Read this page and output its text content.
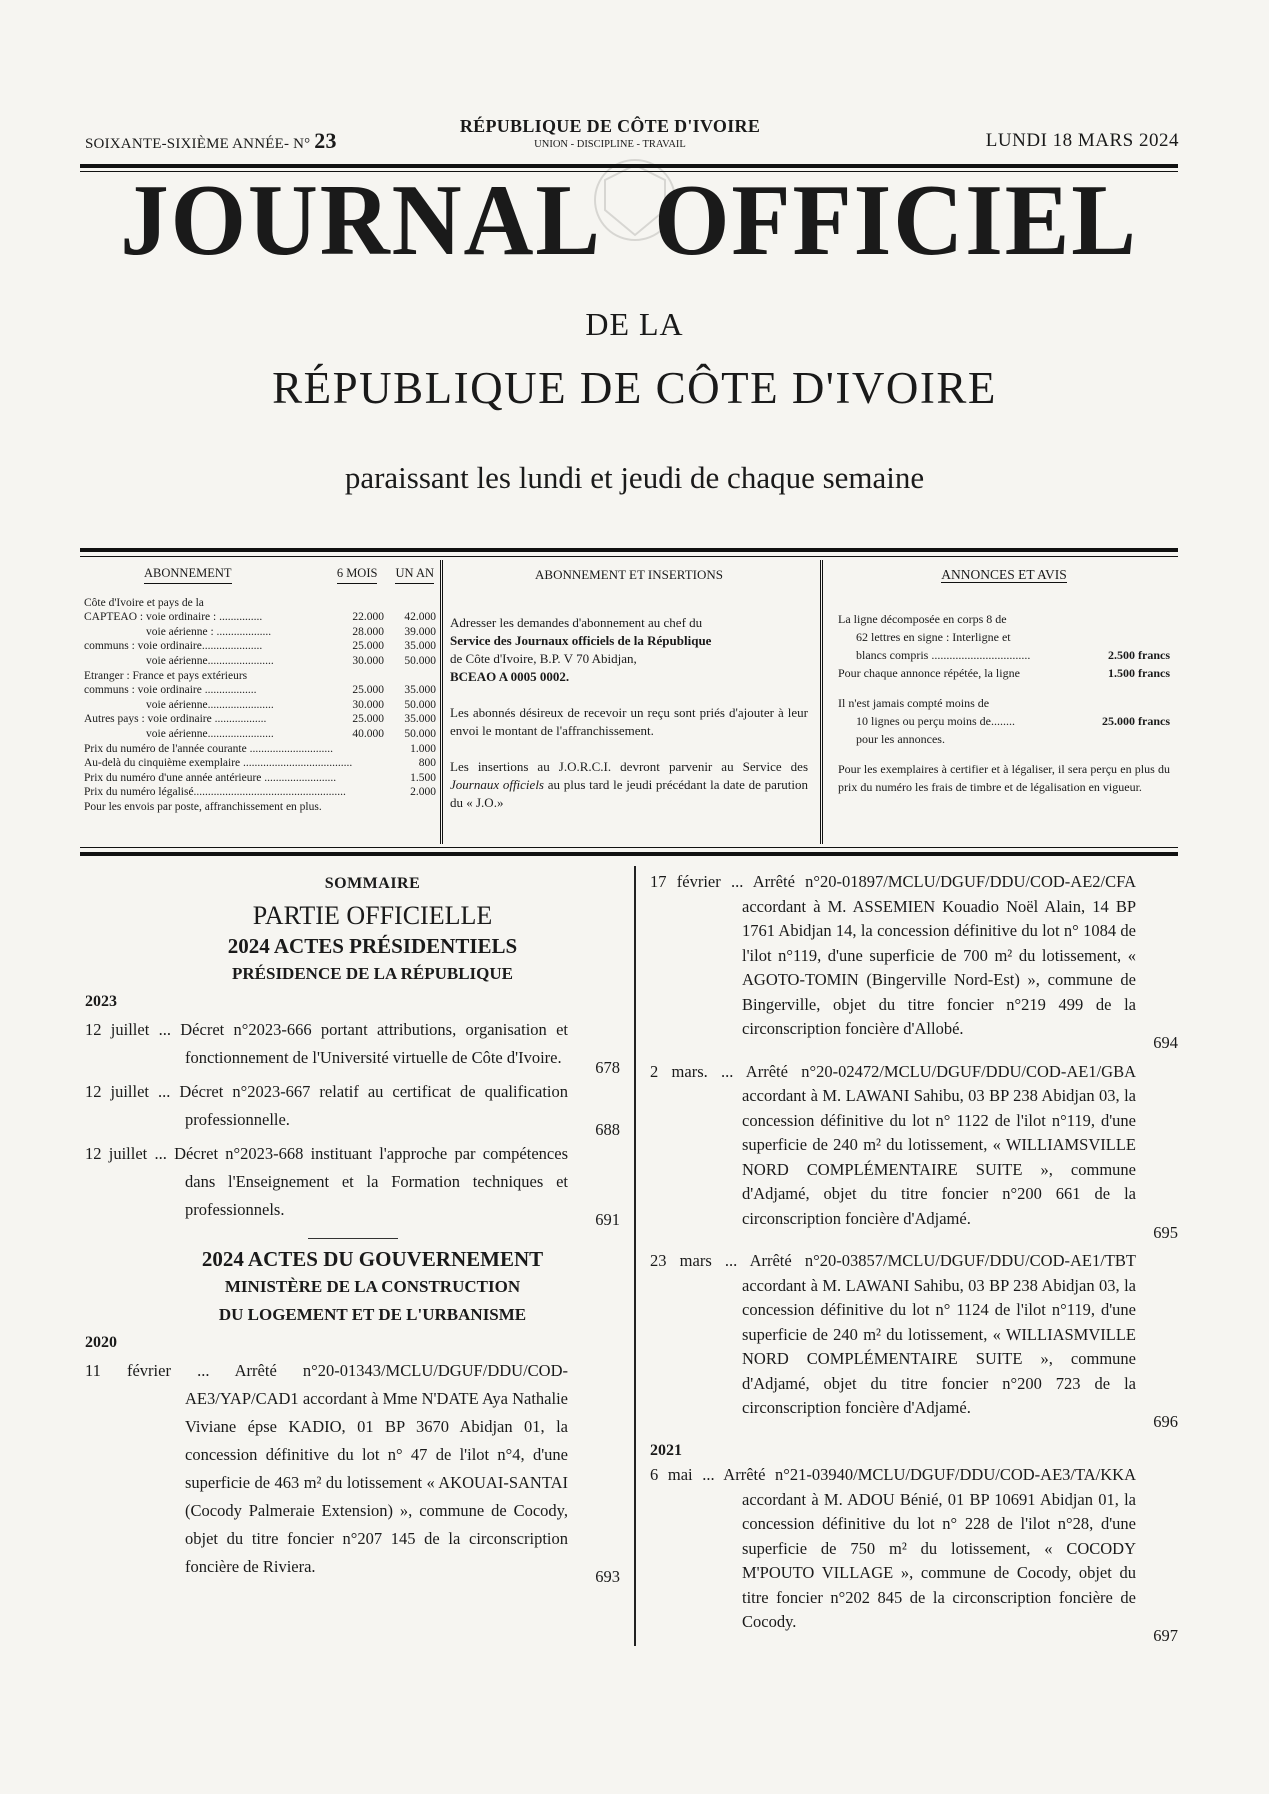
SOIXANTE-SIXIÈME ANNÉE- N° 23
RÉPUBLIQUE DE CÔTE D'IVOIRE
UNION - DISCIPLINE - TRAVAIL	LUNDI 18 MARS 2024
JOURNAL OFFICIEL
DE LA
RÉPUBLIQUE DE CÔTE D'IVOIRE
paraissant les lundi et jeudi de chaque semaine
ABONNEMENT	6 MOIS UN AN
Côte d'Ivoire et pays de la
CAPTEAO : voie ordinaire : ...............	22.000	42.000
voie aérienne : ...................	28.000	39.000
communs : voie ordinaire.....................	25.000	35.000
voie aérienne.......................	30.000	50.000
Etranger : France et pays extérieurs
communs : voie ordinaire ..................	25.000	35.000
voie aérienne.......................	30.000	50.000
Autres pays : voie ordinaire ..................	25.000	35.000
voie aérienne.......................	40.000	50.000
Prix du numéro de l'année courante .............................	1.000
Au-delà du cinquième exemplaire ......................................	800
Prix du numéro d'une année antérieure .........................	1.500
Prix du numéro légalisé.....................................................	2.000
Pour les envois par poste, affranchissement en plus.
ABONNEMENT ET INSERTIONS
Adresser les demandes d'abonnement au chef du
Service des Journaux officiels de la République
de Côte d'Ivoire, B.P. V 70 Abidjan,
BCEAO A 0005 0002.
Les abonnés désireux de recevoir un reçu sont priés d'ajouter à leur envoi le montant de l'affranchissement.
Les insertions au J.O.R.C.I. devront parvenir au Service des Journaux officiels au plus tard le jeudi précédant la date de parution du « J.O.»
ANNONCES ET AVIS
La ligne décomposée en corps 8 de
62 lettres en signe : Interligne et
blancs compris .................................	2.500 francs
Pour chaque annonce répétée, la ligne	1.500 francs
Il n'est jamais compté moins de
10 lignes ou perçu moins de........	25.000 francs
pour les annonces.
Pour les exemplaires à certifier et à légaliser, il sera perçu en plus du prix du numéro les frais de timbre et de légalisation en vigueur.
SOMMAIRE
PARTIE OFFICIELLE
2024 ACTES PRÉSIDENTIELS
PRÉSIDENCE DE LA RÉPUBLIQUE
2023
12 juillet ... Décret n°2023-666 portant attributions, organisation et fonctionnement de l'Université virtuelle de Côte d'Ivoire.
678
12 juillet ... Décret n°2023-667 relatif au certificat de qualification professionnelle.
688
12 juillet ... Décret n°2023-668 instituant l'approche par compétences dans l'Enseignement et la Formation techniques et professionnels.
691
2024 ACTES DU GOUVERNEMENT
MINISTÈRE DE LA CONSTRUCTION
DU LOGEMENT ET DE L'URBANISME
2020
11 février ... Arrêté n°20-01343/MCLU/DGUF/DDU/COD-AE3/YAP/CAD1 accordant à Mme N'DATE Aya Nathalie Viviane épse KADIO, 01 BP 3670 Abidjan 01, la concession définitive du lot n° 47 de l'ilot n°4, d'une superficie de 463 m² du lotissement « AKOUAI-SANTAI (Cocody Palmeraie Extension) », commune de Cocody, objet du titre foncier n°207 145 de la circonscription foncière de Riviera.
693
17 février ... Arrêté n°20-01897/MCLU/DGUF/DDU/COD-AE2/CFA accordant à M. ASSEMIEN Kouadio Noël Alain, 14 BP 1761 Abidjan 14, la concession définitive du lot n° 1084 de l'ilot n°119, d'une superficie de 700 m² du lotissement, « AGOTO-TOMIN (Bingerville Nord-Est) », commune de Bingerville, objet du titre foncier n°219 499 de la circonscription foncière d'Allobé.
694
2 mars. ... Arrêté n°20-02472/MCLU/DGUF/DDU/COD-AE1/GBA accordant à M. LAWANI Sahibu, 03 BP 238 Abidjan 03, la concession définitive du lot n° 1122 de l'ilot n°119, d'une superficie de 240 m² du lotissement, « WILLIAMSVILLE NORD COMPLÉMENTAIRE SUITE », commune d'Adjamé, objet du titre foncier n°200 661 de la circonscription foncière d'Adjamé.
695
23 mars ... Arrêté n°20-03857/MCLU/DGUF/DDU/COD-AE1/TBT accordant à M. LAWANI Sahibu, 03 BP 238 Abidjan 03, la concession définitive du lot n° 1124 de l'ilot n°119, d'une superficie de 240 m² du lotissement, « WILLIASMVILLE NORD COMPLÉMENTAIRE SUITE », commune d'Adjamé, objet du titre foncier n°200 723 de la circonscription foncière d'Adjamé.
696
2021
6 mai ... Arrêté n°21-03940/MCLU/DGUF/DDU/COD-AE3/TA/KKA accordant à M. ADOU Bénié, 01 BP 10691 Abidjan 01, la concession définitive du lot n° 228 de l'ilot n°28, d'une superficie de 750 m² du lotissement, « COCODY M'POUTO VILLAGE », commune de Cocody, objet du titre foncier n°202 845 de la circonscription foncière de Cocody.
697
